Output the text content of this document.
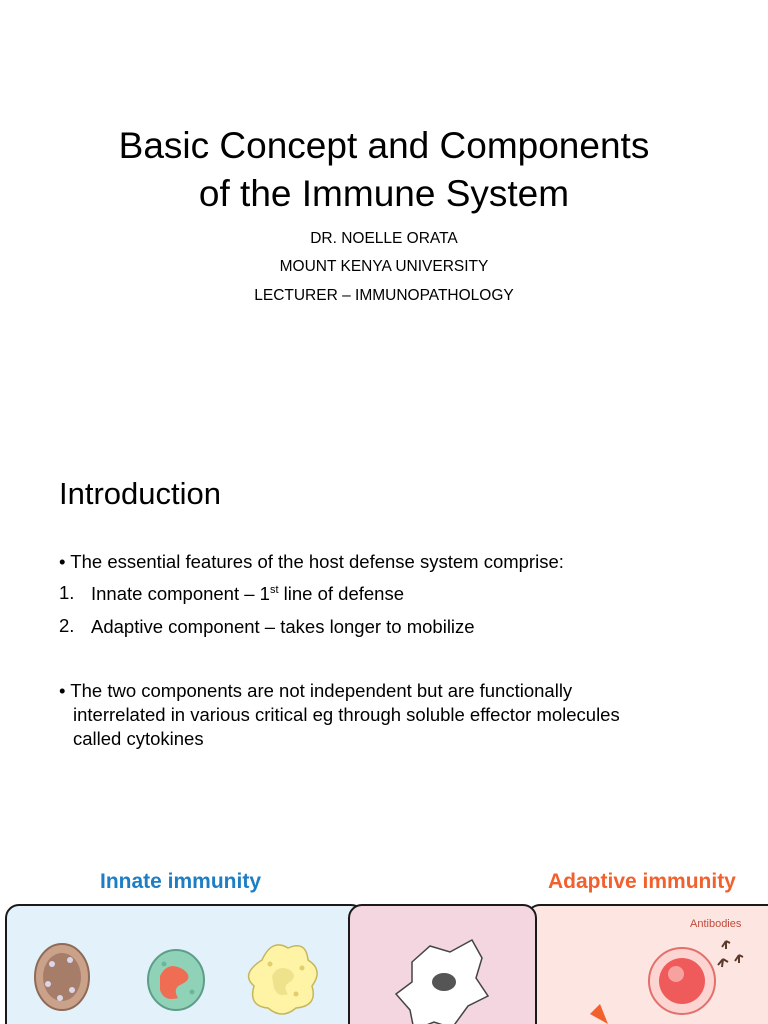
Basic Concept and Components
of the Immune System
DR. NOELLE ORATA
MOUNT KENYA UNIVERSITY
LECTURER – IMMUNOPATHOLOGY
Introduction
• The essential features of the host defense system comprise:
1. Innate component – 1st line of defense
2. Adaptive component – takes longer to mobilize
• The two components are not independent but are functionally
interrelated in various critical eg through soluble effector molecules
called cytokines
Innate immunity	Adaptive immunity
Antibodies
